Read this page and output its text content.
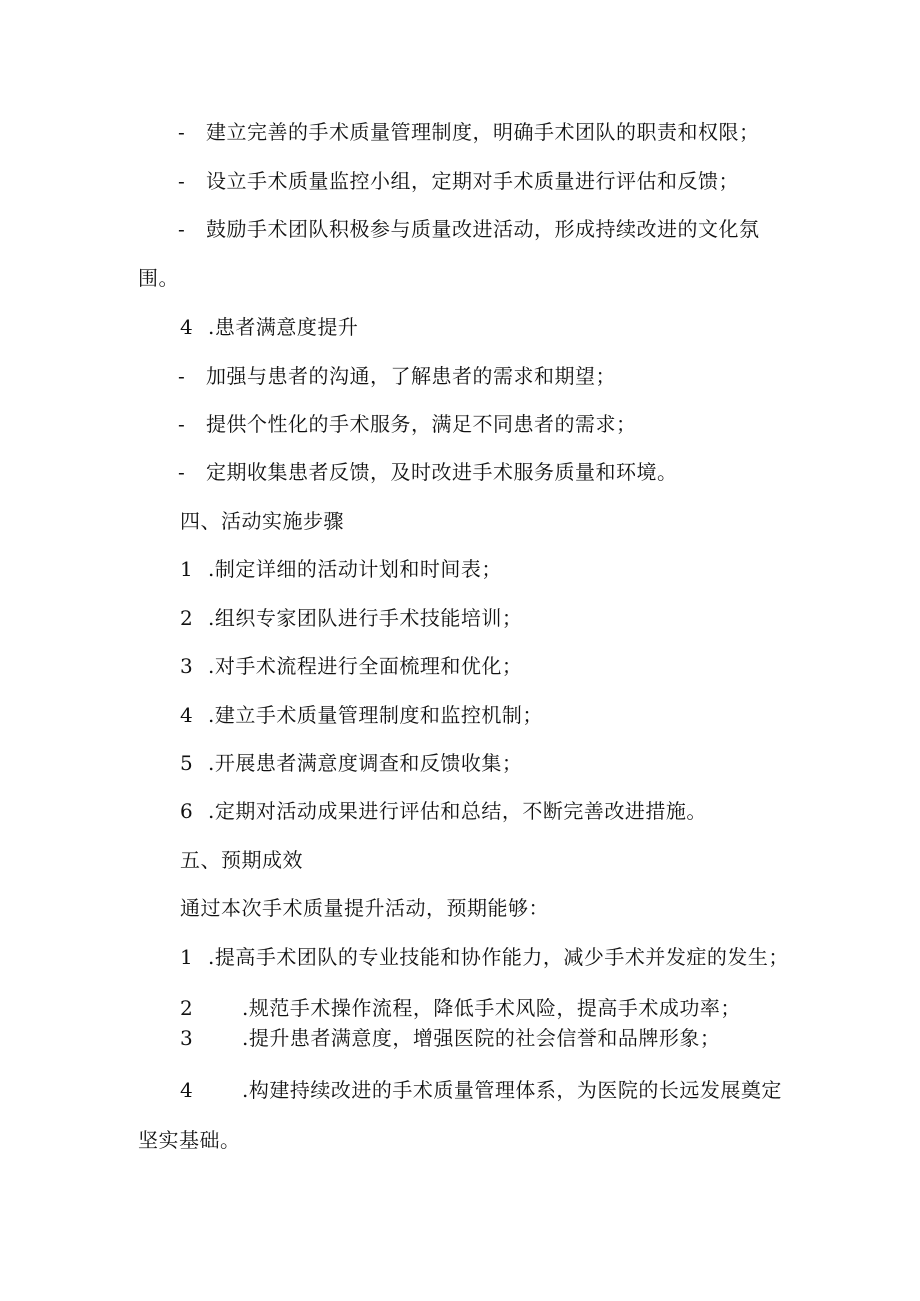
- 建立完善的手术质量管理制度，明确手术团队的职责和权限；
- 设立手术质量监控小组，定期对手术质量进行评估和反馈；
- 鼓励手术团队积极参与质量改进活动，形成持续改进的文化氛
围。
4 .患者满意度提升
- 加强与患者的沟通，了解患者的需求和期望；
- 提供个性化的手术服务，满足不同患者的需求；
- 定期收集患者反馈，及时改进手术服务质量和环境。
四、活动实施步骤
1 .制定详细的活动计划和时间表；
2 .组织专家团队进行手术技能培训；
3 .对手术流程进行全面梳理和优化；
4 .建立手术质量管理制度和监控机制；
5 .开展患者满意度调查和反馈收集；
6 .定期对活动成果进行评估和总结，不断完善改进措施。
五、预期成效
通过本次手术质量提升活动，预期能够：
1 .提高手术团队的专业技能和协作能力，减少手术并发症的发生；
2 .规范手术操作流程，降低手术风险，提高手术成功率；
3 .提升患者满意度，增强医院的社会信誉和品牌形象；
4 .构建持续改进的手术质量管理体系，为医院的长远发展奠定
坚实基础。
